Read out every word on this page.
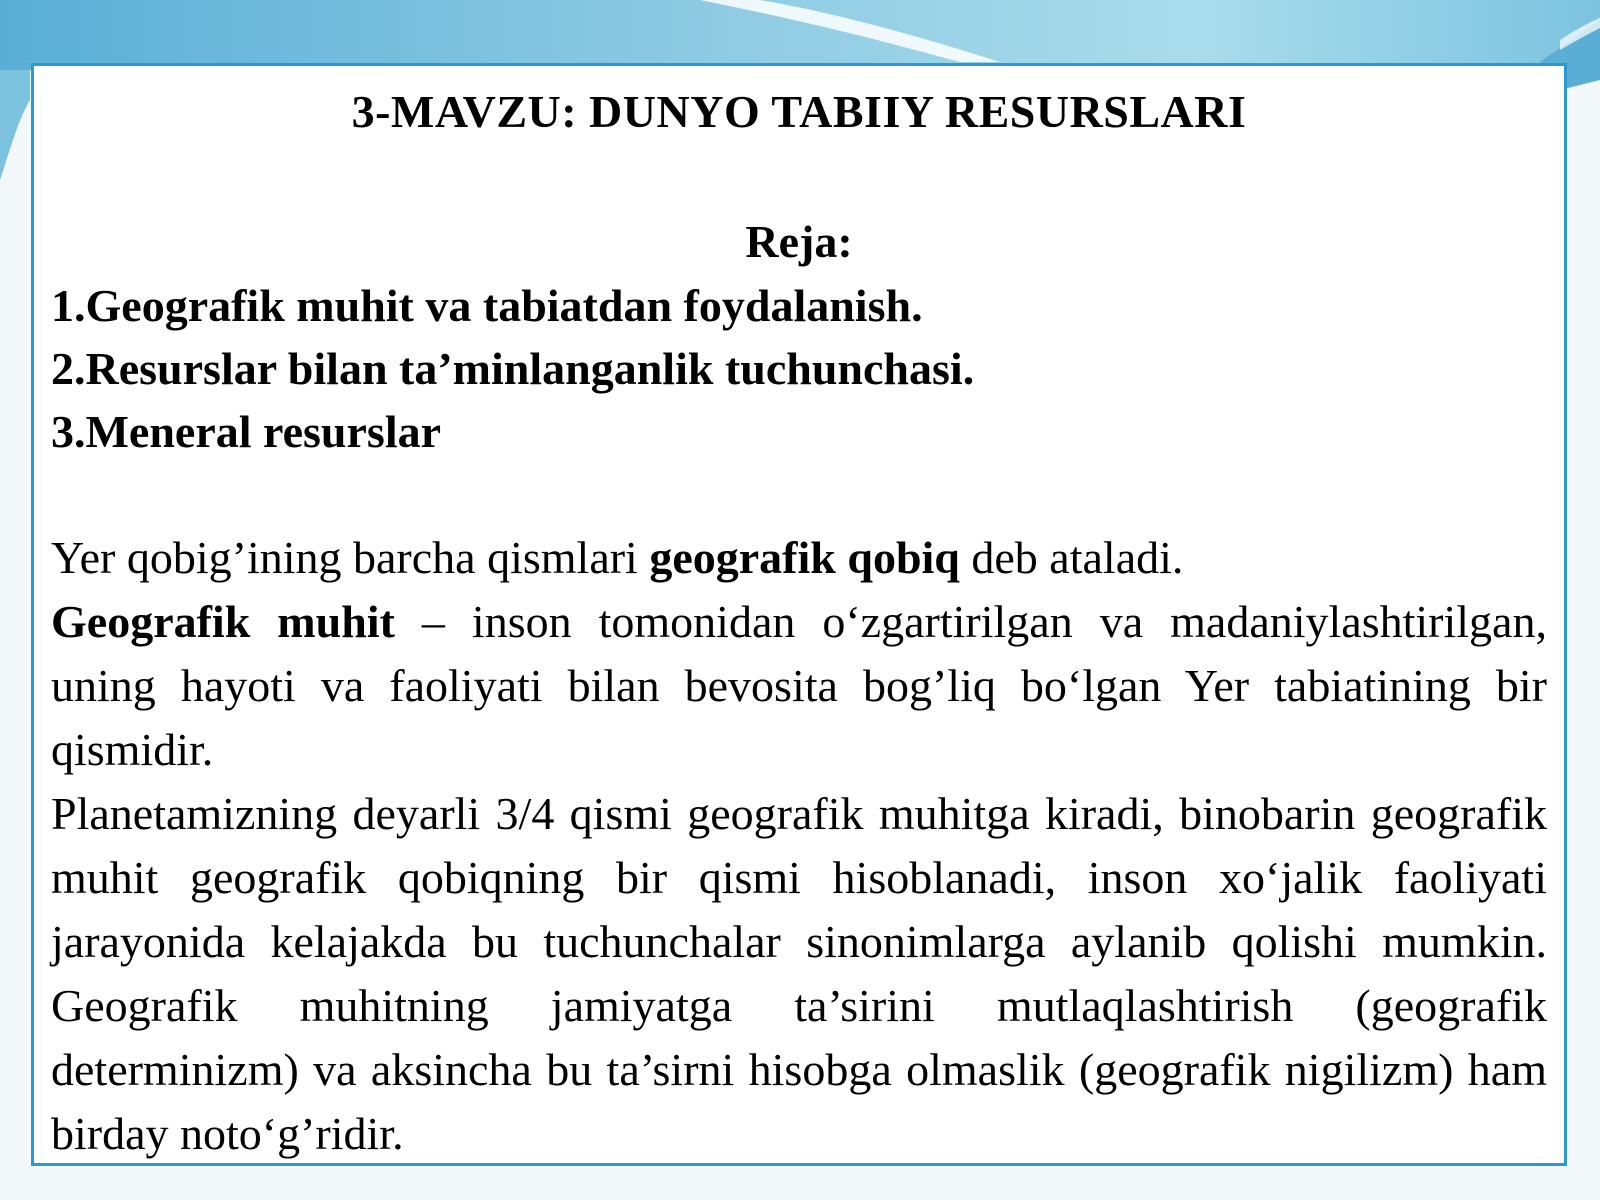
3-MAVZU: DUNYO TABIIY RESURSLARI
Reja:
1.Geografik muhit va tabiatdan foydalanish.
2.Resurslar bilan ta’minlanganlik tuchunchasi.
3.Meneral resurslar

Yer qobig’ining barcha qismlari geografik qobiq deb ataladi.

Geografik muhit – inson tomonidan o‘zgartirilgan va madaniylashtirilgan, uning hayoti va faoliyati bilan bevosita bog’liq bo‘lgan Yer tabiatining bir qismidir.

Planetamizning deyarli 3/4 qismi geografik muhitga kiradi, binobarin geografik muhit geografik qobiqning bir qismi hisoblanadi, inson xo‘jalik faoliyati jarayonida kelajakda bu tuchunchalar sinonimlarga aylanib qolishi mumkin. Geografik muhitning jamiyatga ta’sirini mutlaqlashtirish (geografik determinizm) va aksincha bu ta’sirni hisobga olmaslik (geografik nigilizm) ham birday noto‘g’ridir.
